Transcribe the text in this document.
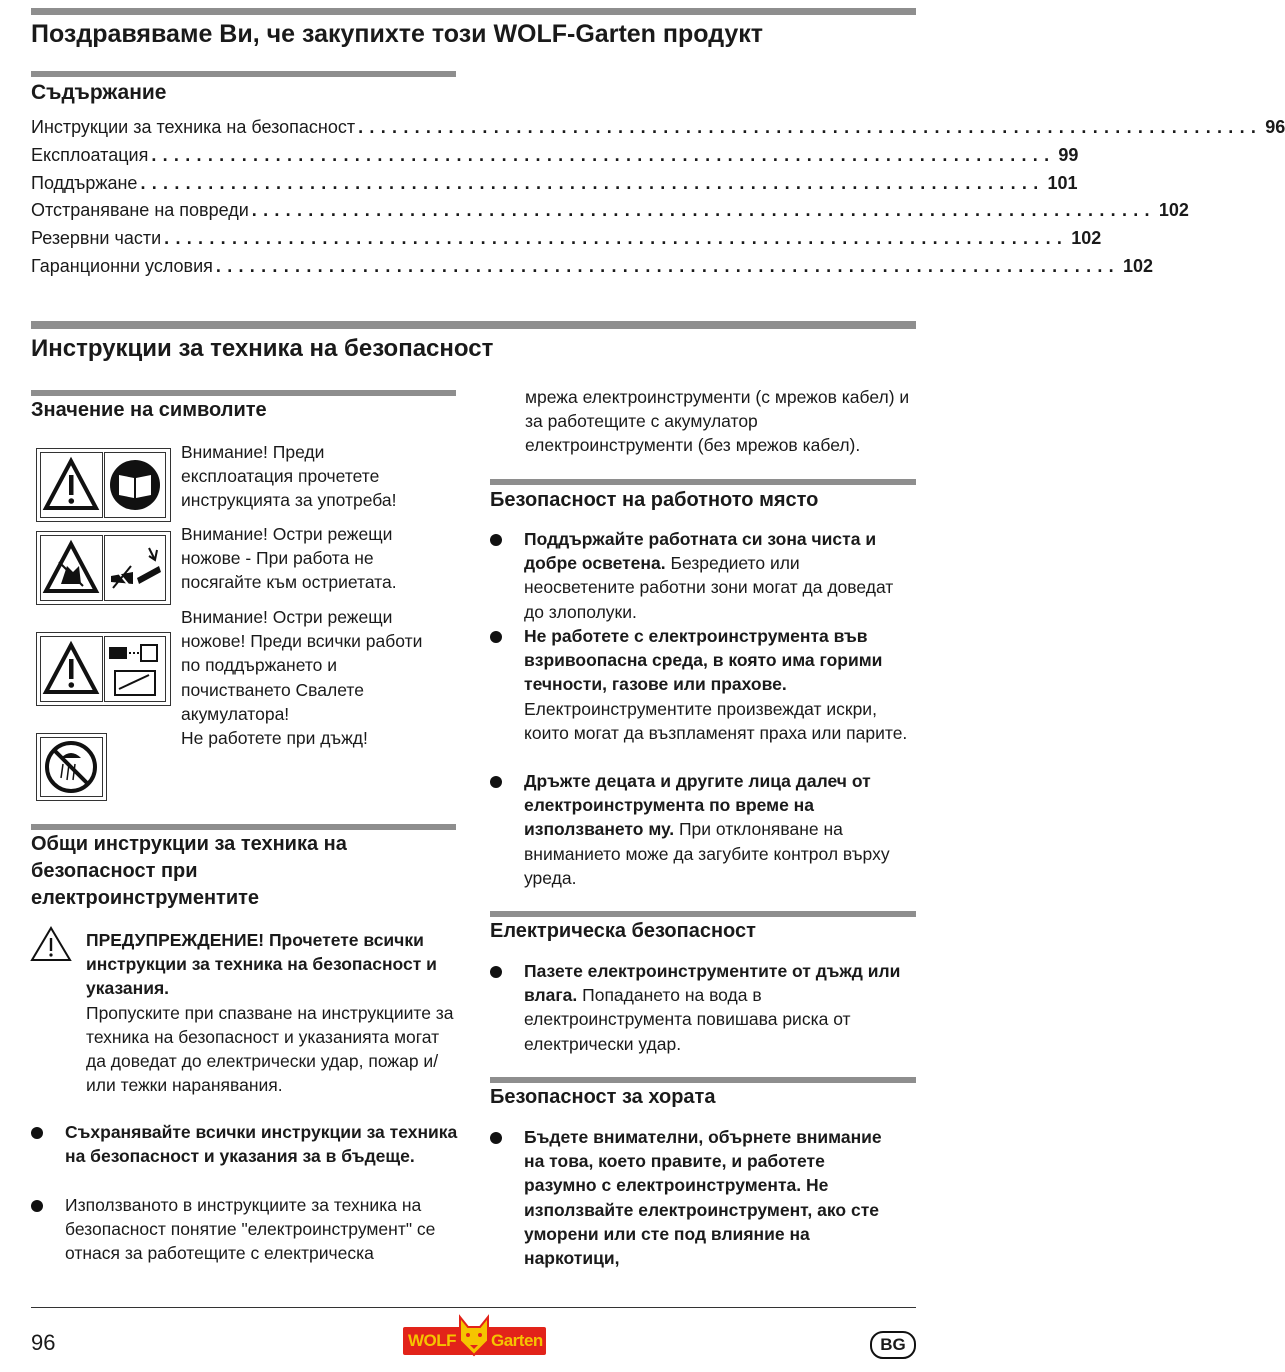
Поздравяваме Ви, че закупихте този WOLF-Garten продукт
Съдържание
Инструкции за техника на безопасност ................................................................................ 96
Експлоатация ................................................................................ 99
Поддържане ................................................................................ 101
Отстраняване на повреди ................................................................................ 102
Резервни части ................................................................................ 102
Гаранционни условия ................................................................................ 102
Инструкции за техника на безопасност
Значение на символите
Внимание! Преди експлоатация прочетете инструкцията за употреба!
Внимание! Остри режещи ножове - При работа не посягайте към остриетата.
Внимание! Остри режещи ножове! Преди всички работи по поддържането и почистването Свалете акумулатора!
Не работете при дъжд!
Общи инструкции за техника на
безопасност при
електроинструментите
ПРЕДУПРЕЖДЕНИЕ! Прочетете всички инструкции за техника на безопасност и указания.
Пропуските при спазване на инструкциите за техника на безопасност и указанията могат да доведат до електрически удар, пожар и/или тежки наранявания.
Съхранявайте всички инструкции за техника на безопасност и указания за в бъдеще.
Използваното в инструкциите за техника на безопасност понятие "електроинструмент" се отнася за работещите с електрическа
мрежа електроинструменти (с мрежов кабел) и за работещите с акумулатор електроинструменти (без мрежов кабел).
Безопасност на работното място
Поддържайте работната си зона чиста и добре осветена. Безредието или неосветените работни зони могат да доведат до злополуки.
Не работете с електроинструмента във взривоопасна среда, в която има горими течности, газове или прахове. Електроинструментите произвеждат искри, които могат да възпламенят праха или парите.
Дръжте децата и другите лица далеч от електроинструмента по време на използването му. При отклоняване на вниманието може да загубите контрол върху уреда.
Електрическа безопасност
Пазете електроинструментите от дъжд или влага. Попадането на вода в електроинструмента повишава риска от електрически удар.
Безопасност за хората
Бъдете внимателни, обърнете внимание на това, което правите, и работете разумно с електроинструмента. Не използвайте електроинструмент, ако сте уморени или сте под влияние на наркотици,
96	WOLF Garten	BG
